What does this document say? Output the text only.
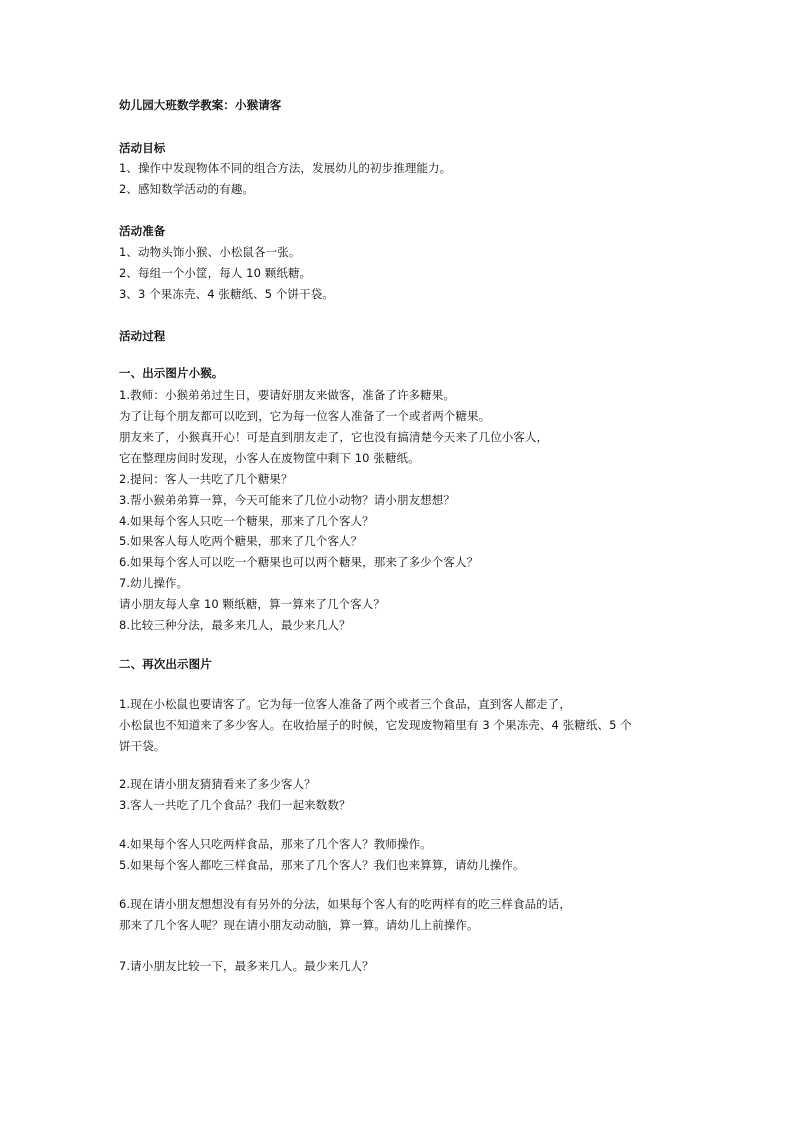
幼儿园大班数学教案：小猴请客
活动目标
1、操作中发现物体不同的组合方法，发展幼儿的初步推理能力。
2、感知数学活动的有趣。
活动准备
1、动物头饰小猴、小松鼠各一张。
2、每组一个小筐，每人 10 颗纸糖。
3、3 个果冻壳、4 张糖纸、5 个饼干袋。
活动过程
一、出示图片小猴。
1.教师：小猴弟弟过生日，要请好朋友来做客，准备了许多糖果。
为了让每个朋友都可以吃到，它为每一位客人准备了一个或者两个糖果。
朋友来了，小猴真开心！可是直到朋友走了，它也没有搞清楚今天来了几位小客人，
它在整理房间时发现，小客人在废物筐中剩下 10 张糖纸。
2.提问：客人一共吃了几个糖果？
3.帮小猴弟弟算一算，今天可能来了几位小动物？请小朋友想想？
4.如果每个客人只吃一个糖果，那来了几个客人？
5.如果客人每人吃两个糖果，那来了几个客人？
6.如果每个客人可以吃一个糖果也可以两个糖果，那来了多少个客人？
7.幼儿操作。
请小朋友每人拿 10 颗纸糖，算一算来了几个客人？
8.比较三种分法，最多来几人，最少来几人？
二、再次出示图片
1.现在小松鼠也要请客了。它为每一位客人准备了两个或者三个食品，直到客人都走了，
小松鼠也不知道来了多少客人。在收拾屋子的时候，它发现废物箱里有 3 个果冻壳、4 张糖纸、5 个
饼干袋。
2.现在请小朋友猜猜看来了多少客人？
3.客人一共吃了几个食品？我们一起来数数？
4.如果每个客人只吃两样食品，那来了几个客人？教师操作。
5.如果每个客人都吃三样食品，那来了几个客人？我们也来算算，请幼儿操作。
6.现在请小朋友想想没有有另外的分法，如果每个客人有的吃两样有的吃三样食品的话，
那来了几个客人呢？现在请小朋友动动脑，算一算。请幼儿上前操作。
7.请小朋友比较一下，最多来几人。最少来几人？
